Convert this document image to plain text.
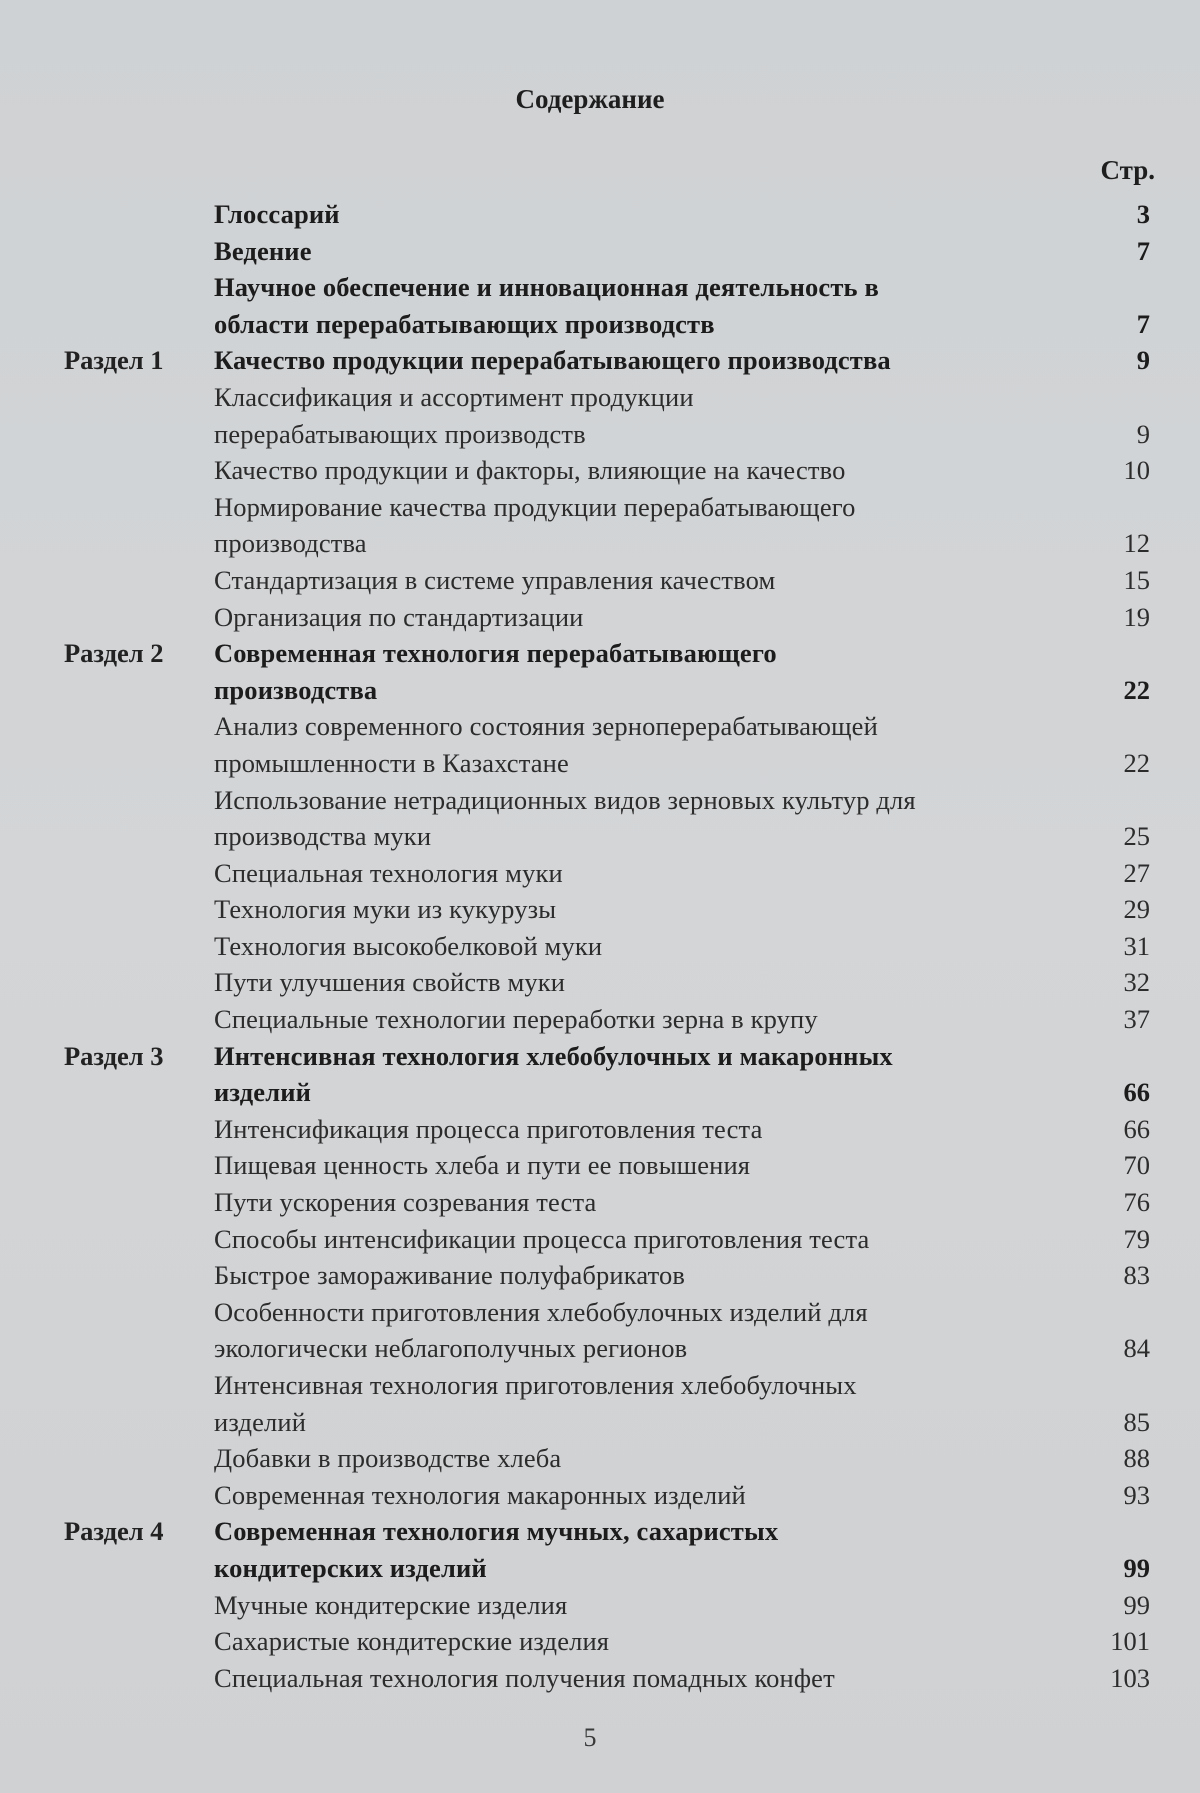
Содержание
Стр.
Глоссарий	3
Ведение	7
Научное обеспечение и инновационная деятельность в
области перерабатывающих производств	7
Раздел 1	Качество продукции перерабатывающего производства	9
Классификация и ассортимент продукции
перерабатывающих производств	9
Качество продукции и факторы, влияющие на качество	10
Нормирование качества продукции перерабатывающего
производства	12
Стандартизация в системе управления качеством	15
Организация по стандартизации	19
Раздел 2	Современная технология перерабатывающего
производства	22
Анализ современного состояния зерноперерабатывающей
промышленности в Казахстане	22
Использование нетрадиционных видов зерновых культур для
производства муки	25
Специальная технология муки	27
Технология муки из кукурузы	29
Технология высокобелковой муки	31
Пути улучшения свойств муки	32
Специальные технологии переработки зерна в крупу	37
Раздел 3	Интенсивная технология хлебобулочных и макаронных
изделий	66
Интенсификация процесса приготовления теста	66
Пищевая ценность хлеба и пути ее повышения	70
Пути ускорения созревания теста	76
Способы интенсификации процесса приготовления теста	79
Быстрое замораживание полуфабрикатов	83
Особенности приготовления хлебобулочных изделий для
экологически неблагополучных регионов	84
Интенсивная технология приготовления хлебобулочных
изделий	85
Добавки в производстве хлеба	88
Современная технология макаронных изделий	93
Раздел 4	Современная технология мучных, сахаристых
кондитерских изделий	99
Мучные кондитерские изделия	99
Сахаристые кондитерские изделия	101
Специальная технология получения помадных конфет	103
5
